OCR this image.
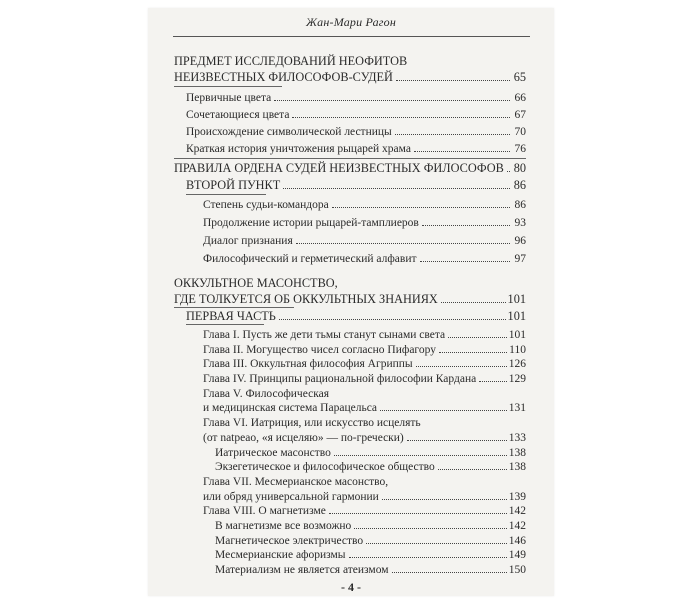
Жан-Мари Рагон
ПРЕДМЕТ ИССЛЕДОВАНИЙ НЕОФИТОВ
НЕИЗВЕСТНЫХ ФИЛОСОФОВ-СУДЕЙ	65
Первичные цвета	66
Сочетающиеся цвета	67
Происхождение символической лестницы	70
Краткая история уничтожения рыцарей храма	76
ПРАВИЛА ОРДЕНА СУДЕЙ НЕИЗВЕСТНЫХ ФИЛОСОФОВ 80
ВТОРОЙ ПУНКТ	86
Степень судьи-командора	86
Продолжение истории рыцарей-тамплиеров	93
Диалог признания	96
Философический и герметический алфавит	97
ОККУЛЬТНОЕ МАСОНСТВО,
ГДЕ ТОЛКУЕТСЯ ОБ ОККУЛЬТНЫХ ЗНАНИЯХ	101
ПЕРВАЯ ЧАСТЬ	101
Глава I. Пусть же дети тьмы станут сынами света	101
Глава II. Могущество чисел согласно Пифагору	110
Глава III. Оккультная философия Агриппы	126
Глава IV. Принципы рациональной философии Кардана	129
Глава V. Философическая
и медицинская система Парацельса	131
Глава VI. Иатриция, или искусство исцелять
(от natpeao, «я исцеляю» — по-гречески)	133
Иатрическое масонство	138
Экзегетическое и философическое общество	138
Глава VII. Месмерианское масонство,
или обряд универсальной гармонии	139
Глава VIII. О магнетизме	142
В магнетизме все возможно	142
Магнетическое электричество	146
Месмерианские афоризмы	149
Материализм не является атеизмом	150
- 4 -
